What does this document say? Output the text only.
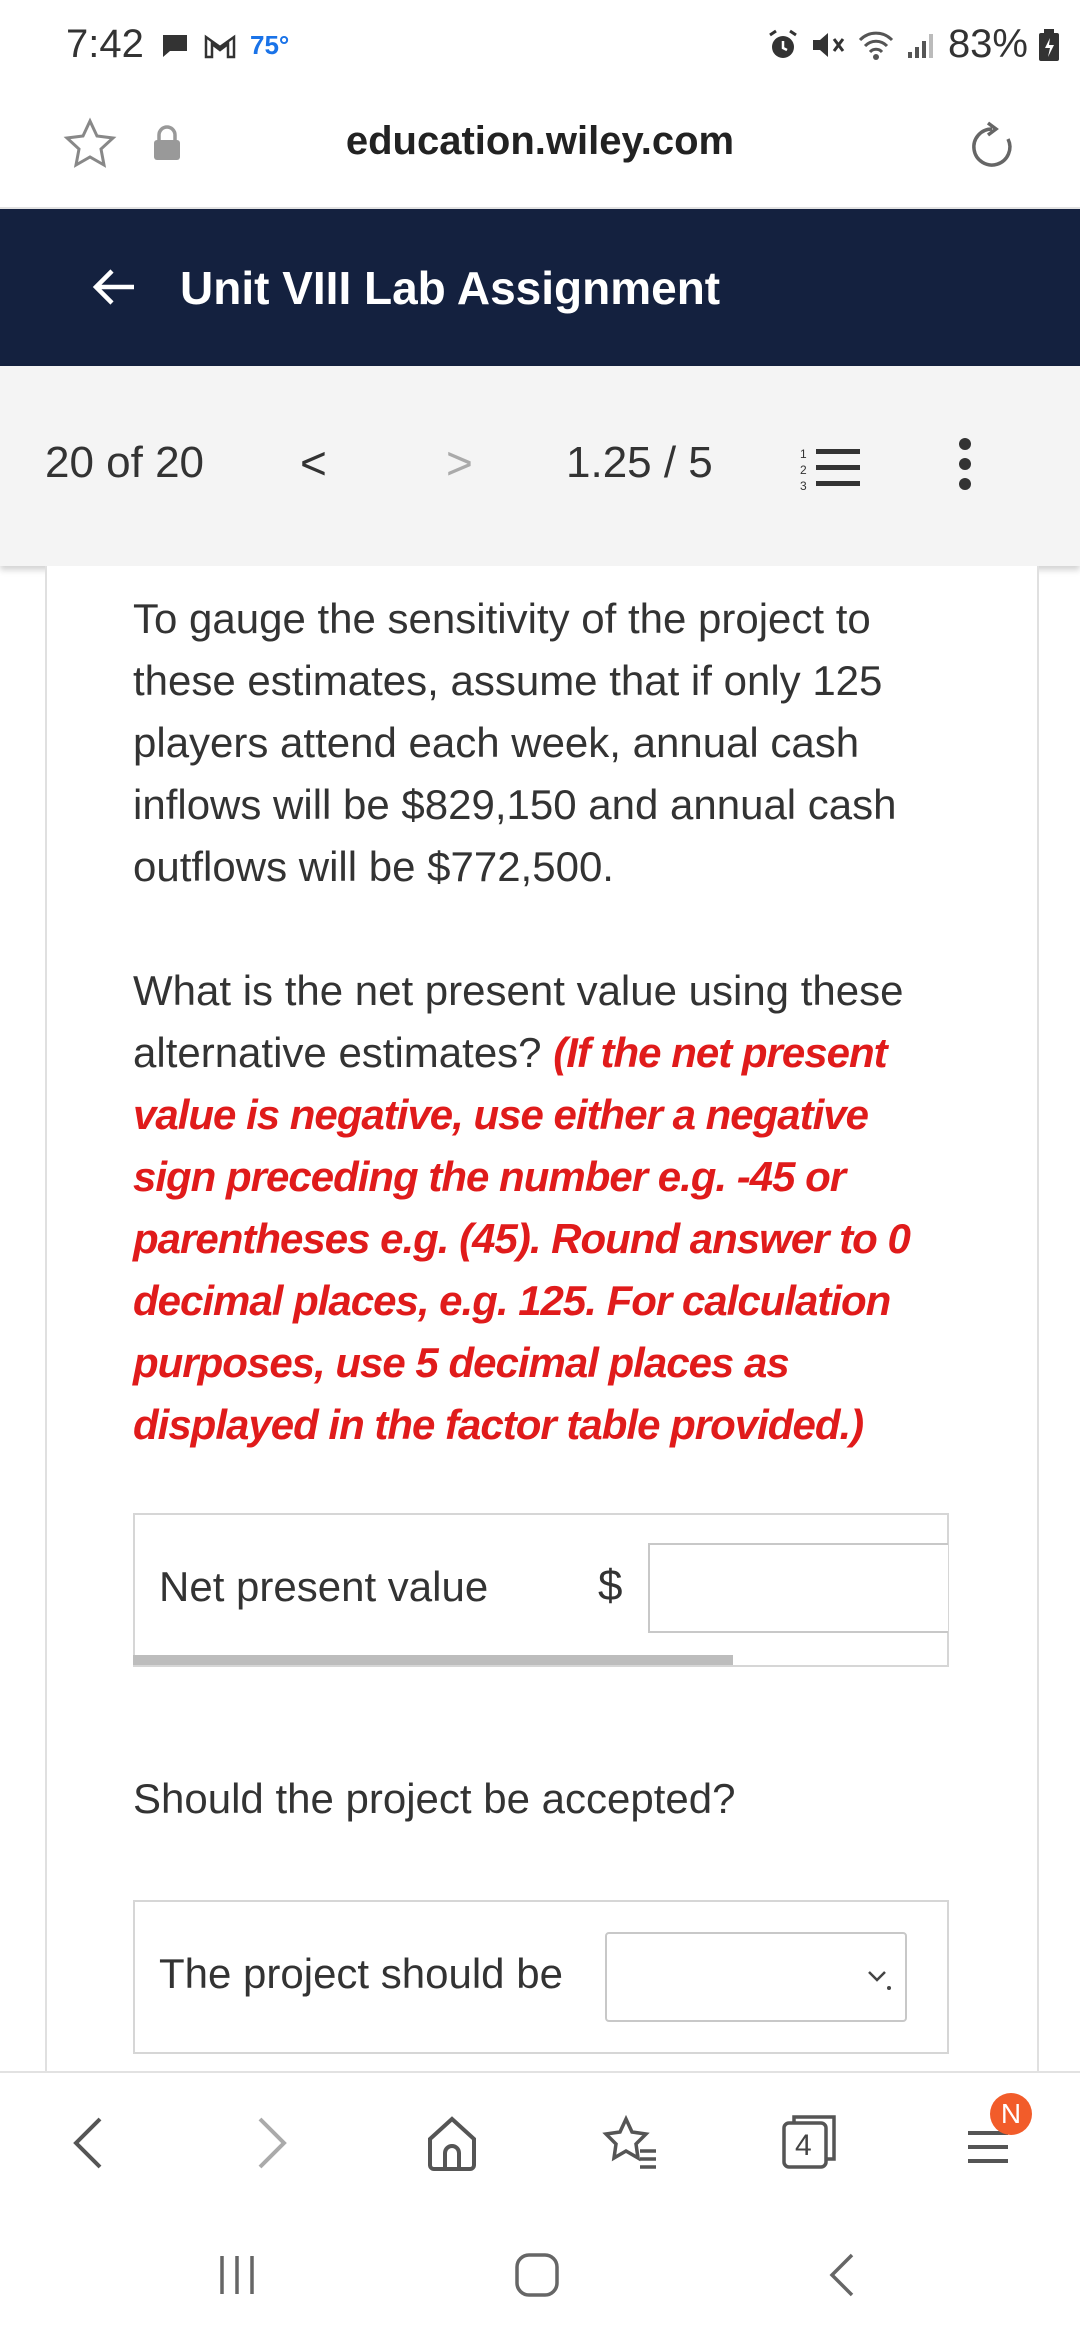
7:42	75°	83%
education.wiley.com
Unit VIII Lab Assignment
20 of 20 <	> 1.25 / 5	1
2
3
To gauge the sensitivity of the project to these estimates, assume that if only 125 players attend each week, annual cash inflows will be $829,150 and annual cash outflows will be $772,500.
What is the net present value using these alternative estimates? (If the net present value is negative, use either a negative sign preceding the number e.g. -45 or parentheses e.g. (45). Round answer to 0 decimal places, e.g. 125. For calculation purposes, use 5 decimal places as displayed in the factor table provided.)
Net present value $
Should the project be accepted?
The project should be
4
N
